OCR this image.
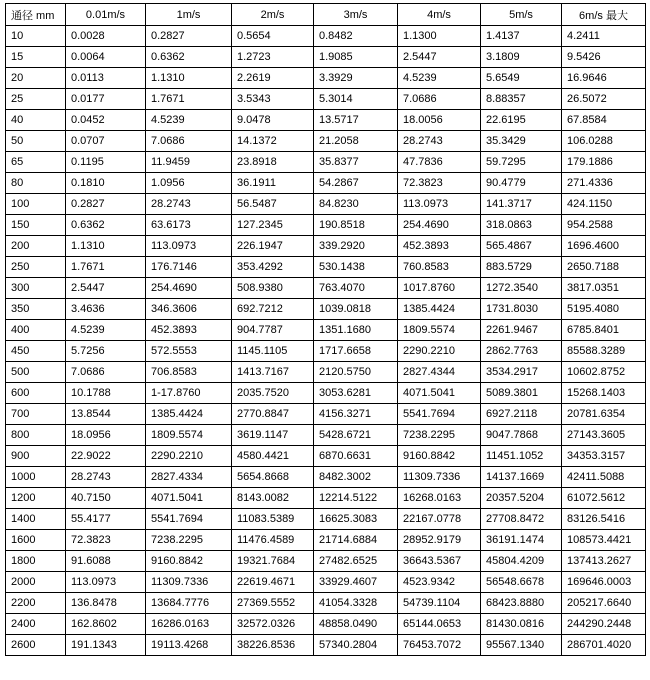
通径 mm	0.01m/s	1m/s	2m/s	3m/s	4m/s	5m/s	6m/s 最大
10	0.0028	0.2827	0.5654	0.8482	1.1300	1.4137	4.2411
15	0.0064	0.6362	1.2723	1.9085	2.5447	3.1809	9.5426
20	0.0113	1.1310	2.2619	3.3929	4.5239	5.6549	16.9646
25	0.0177	1.7671	3.5343	5.3014	7.0686	8.88357	26.5072
40	0.0452	4.5239	9.0478	13.5717	18.0056	22.6195	67.8584
50	0.0707	7.0686	14.1372	21.2058	28.2743	35.3429	106.0288
65	0.1195	11.9459	23.8918	35.8377	47.7836	59.7295	179.1886
80	0.1810	1.0956	36.1911	54.2867	72.3823	90.4779	271.4336
100	0.2827	28.2743	56.5487	84.8230	113.0973	141.3717	424.1150
150	0.6362	63.6173	127.2345	190.8518	254.4690	318.0863	954.2588
200	1.1310	113.0973	226.1947	339.2920	452.3893	565.4867	1696.4600
250	1.7671	176.7146	353.4292	530.1438	760.8583	883.5729	2650.7188
300	2.5447	254.4690	508.9380	763.4070	1017.8760	1272.3540	3817.0351
350	3.4636	346.3606	692.7212	1039.0818	1385.4424	1731.8030	5195.4080
400	4.5239	452.3893	904.7787	1351.1680	1809.5574	2261.9467	6785.8401
450	5.7256	572.5553	1145.1105	1717.6658	2290.2210	2862.7763	85588.3289
500	7.0686	706.8583	1413.7167	2120.5750	2827.4344	3534.2917	10602.8752
600	10.1788	1-17.8760	2035.7520	3053.6281	4071.5041	5089.3801	15268.1403
700	13.8544	1385.4424	2770.8847	4156.3271	5541.7694	6927.2118	20781.6354
800	18.0956	1809.5574	3619.1147	5428.6721	7238.2295	9047.7868	27143.3605
900	22.9022	2290.2210	4580.4421	6870.6631	9160.8842	11451.1052	34353.3157
1000	28.2743	2827.4334	5654.8668	8482.3002	11309.7336	14137.1669	42411.5088
1200	40.7150	4071.5041	8143.0082	12214.5122	16268.0163	20357.5204	61072.5612
1400	55.4177	5541.7694	11083.5389	16625.3083	22167.0778	27708.8472	83126.5416
1600	72.3823	7238.2295	11476.4589	21714.6884	28952.9179	36191.1474	108573.4421
1800	91.6088	9160.8842	19321.7684	27482.6525	36643.5367	45804.4209	137413.2627
2000	113.0973	11309.7336	22619.4671	33929.4607	4523.9342	56548.6678	169646.0003
2200	136.8478	13684.7776	27369.5552	41054.3328	54739.1104	68423.8880	205217.6640
2400	162.8602	16286.0163	32572.0326	48858.0490	65144.0653	81430.0816	244290.2448
2600	191.1343	19113.4268	38226.8536	57340.2804	76453.7072	95567.1340	286701.4020
